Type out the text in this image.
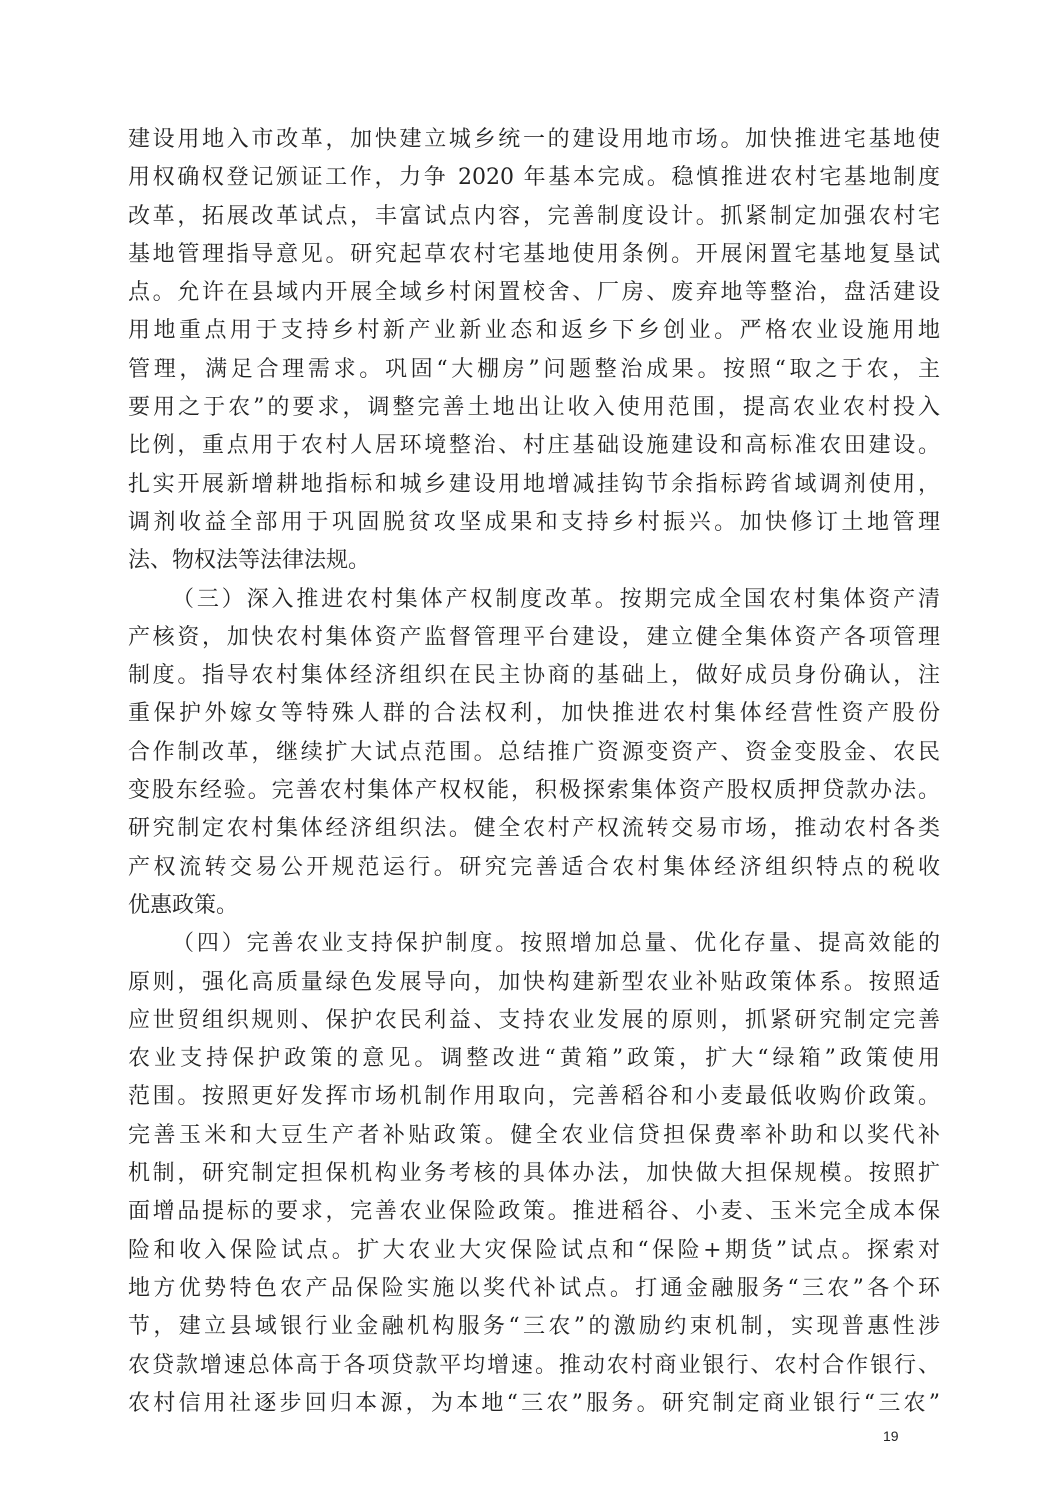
建设用地入市改革，加快建立城乡统一的建设用地市场。加快推进宅基地使
用权确权登记颁证工作，力争 2020 年基本完成。稳慎推进农村宅基地制度
改革，拓展改革试点，丰富试点内容，完善制度设计。抓紧制定加强农村宅
基地管理指导意见。研究起草农村宅基地使用条例。开展闲置宅基地复垦试
点。允许在县域内开展全域乡村闲置校舍、厂房、废弃地等整治，盘活建设
用地重点用于支持乡村新产业新业态和返乡下乡创业。严格农业设施用地
管理，满足合理需求。巩固“大棚房”问题整治成果。按照“取之于农，主
要用之于农”的要求，调整完善土地出让收入使用范围，提高农业农村投入
比例，重点用于农村人居环境整治、村庄基础设施建设和高标准农田建设。
扎实开展新增耕地指标和城乡建设用地增减挂钩节余指标跨省域调剂使用，
调剂收益全部用于巩固脱贫攻坚成果和支持乡村振兴。加快修订土地管理
法、物权法等法律法规。
（三）深入推进农村集体产权制度改革。按期完成全国农村集体资产清
产核资，加快农村集体资产监督管理平台建设，建立健全集体资产各项管理
制度。指导农村集体经济组织在民主协商的基础上，做好成员身份确认，注
重保护外嫁女等特殊人群的合法权利，加快推进农村集体经营性资产股份
合作制改革，继续扩大试点范围。总结推广资源变资产、资金变股金、农民
变股东经验。完善农村集体产权权能，积极探索集体资产股权质押贷款办法。
研究制定农村集体经济组织法。健全农村产权流转交易市场，推动农村各类
产权流转交易公开规范运行。研究完善适合农村集体经济组织特点的税收
优惠政策。
（四）完善农业支持保护制度。按照增加总量、优化存量、提高效能的
原则，强化高质量绿色发展导向，加快构建新型农业补贴政策体系。按照适
应世贸组织规则、保护农民利益、支持农业发展的原则，抓紧研究制定完善
农业支持保护政策的意见。调整改进“黄箱”政策，扩大“绿箱”政策使用
范围。按照更好发挥市场机制作用取向，完善稻谷和小麦最低收购价政策。
完善玉米和大豆生产者补贴政策。健全农业信贷担保费率补助和以奖代补
机制，研究制定担保机构业务考核的具体办法，加快做大担保规模。按照扩
面增品提标的要求，完善农业保险政策。推进稻谷、小麦、玉米完全成本保
险和收入保险试点。扩大农业大灾保险试点和“保险+期货”试点。探索对
地方优势特色农产品保险实施以奖代补试点。打通金融服务“三农”各个环
节，建立县域银行业金融机构服务“三农”的激励约束机制，实现普惠性涉
农贷款增速总体高于各项贷款平均增速。推动农村商业银行、农村合作银行、
农村信用社逐步回归本源，为本地“三农”服务。研究制定商业银行“三农”
19
